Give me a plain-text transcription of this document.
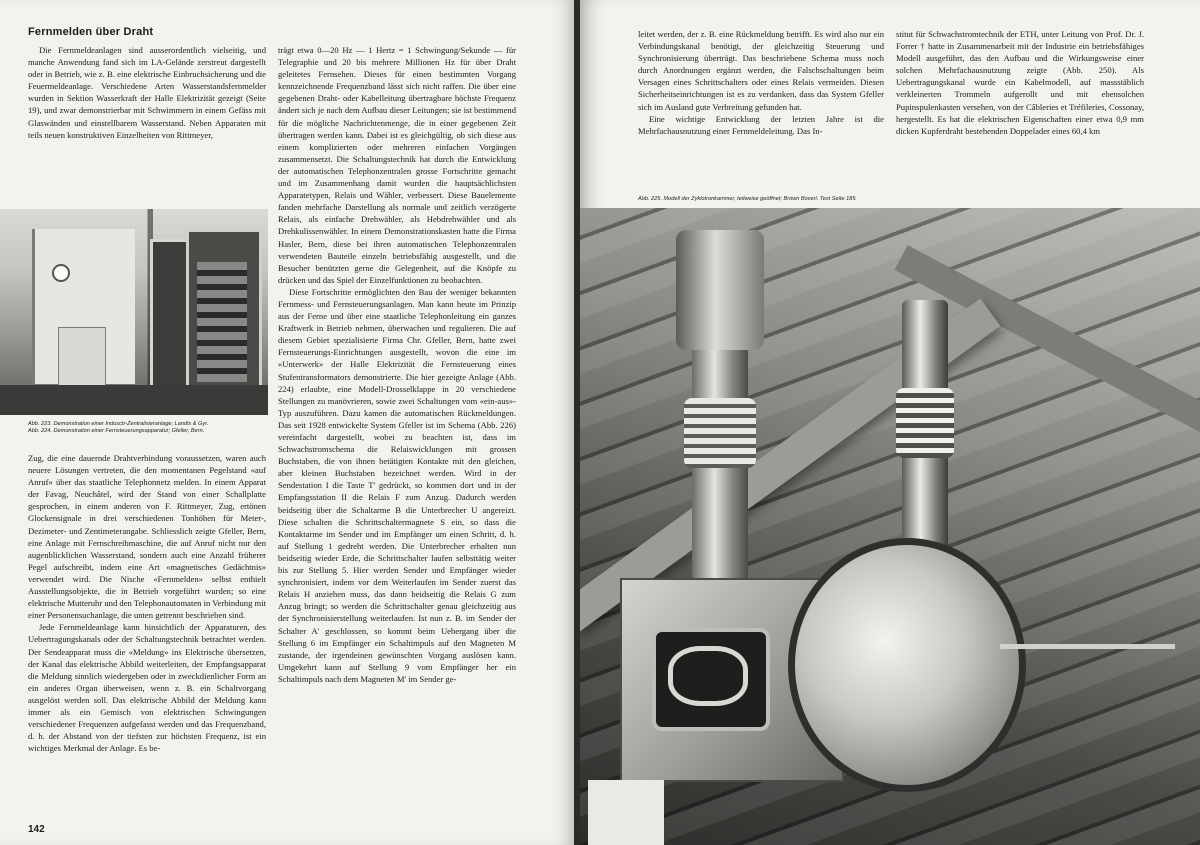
Fernmelden über Draht

Die Fernmeldeanlagen sind ausserordentlich vielseitig, und manche Anwendung fand sich im LA-Gelände zerstreut dargestellt oder in Betrieb, wie z. B. eine elektrische Einbruchsicherung und die Feuermeldeanlage. Verschiedene Arten Wasserstandsfernmelder wurden in Sektion Wasserkraft der Halle Elektrizität gezeigt (Seite 19), und zwar demonstrierbar mit Schwimmern in einem Gefäss mit Glaswänden und einstellbarem Wasserstand. Neben Apparaten mit teils neuen konstruktiven Einzelheiten von Rittmeyer,

Abb. 223. Demonstration einer Indusctr-Zentralisieranlage; Landis & Gyr.
Abb. 224. Demonstration einer Fernsteuerungsapparatur; Gfeller, Bern.

Zug, die eine dauernde Drahtverbindung voraussetzen, waren auch neuere Lösungen vertreten, die den momentanen Pegelstand «auf Anruf» über das staatliche Telephonnetz melden. In einem Apparat der Favag, Neuchâtel, wird der Stand von einer Schallplatte gesprochen, in einem anderen von F. Rittmeyer, Zug, ertönen Glockensignale in drei verschiedenen Tonhöhen für Meter-, Dezimeter- und Zentimeterangabe. Schliesslich zeigte Gfeller, Bern, eine Anlage mit Fernschreibmaschine, die auf Anruf nicht nur den augenblicklichen Wasserstand, sondern auch eine Anzahl früherer Pegel aufschreibt, indem eine Art «magnetisches Gedächtnis» verwendet wird. Die Nische «Fernmelden» selbst enthielt Ausstellungsobjekte, die in Betrieb vorgeführt wurden; so eine elektrische Mutteruhr und den Telephonautomaten in Verbindung mit einer Personensuchanlage, die unten getrennt beschrieben sind.

Jede Fernmeldeanlage kann hinsichtlich der Apparaturen, des Uebertragungskanals oder der Schaltungstechnik betrachtet werden. Der Sendeapparat muss die «Meldung» ins Elektrische übersetzen, der Kanal das elektrische Abbild weiterleiten, der Empfangsapparat die Meldung sinnlich wiedergeben oder in zweckdienlicher Form an ein anderes Organ überweisen, wenn z. B. ein Schaltvorgang ausgelöst werden soll. Das elektrische Abbild der Meldung kann immer als ein Gemisch von elektrischen Schwingungen verschiedener Frequenzen aufgefasst werden und das Frequenzband, d. h. der Abstand von der tiefsten zur höchsten Frequenz, ist ein wichtiges Merkmal der Anlage. Es be-

trägt etwa 0—20 Hz — 1 Hertz = 1 Schwingung/Sekunde — für Telegraphie und 20 bis mehrere Millionen Hz für über Draht geleitetes Fernsehen. Dieses für einen bestimmten Vorgang kennzeichnende Frequenzband lässt sich nicht raffen. Die über eine gegebenen Draht- oder Kabelleitung übertragbare höchste Frequenz ändert sich je nach dem Aufbau dieser Leitungen; sie ist bestimmend für die mögliche Nachrichtenmenge, die in einer gegebenen Zeit übertragen werden kann. Dabei ist es gleichgültig, ob sich diese aus einem komplizierten oder mehreren einfachen Vorgängen zusammensetzt. Die Schaltungstechnik hat durch die Entwicklung der automatischen Telephonzentralen grosse Fortschritte gemacht und im Zusammenhang damit wurden die hauptsächlichsten Apparatetypen, Relais und Wähler, verbessert. Diese Bauelemente fanden mehrfache Darstellung als normale und zeitlich verzögerte Relais, als einfache Drehwähler, als Hebdrehwähler und als Drehkulissenwähler. In einem Demonstrationskasten hatte die Firma Hasler, Bern, diese bei ihren automatischen Telephonzentralen verwendeten Bauteile einzeln betriebsfähig ausgestellt, und die Besucher benützten gerne die Gelegenheit, auf die Knöpfe zu drücken und das Spiel der Einzelfunktionen zu beobachten.

Diese Fortschritte ermöglichten den Bau der weniger bekannten Fernmess- und Fernsteuerungsanlagen. Man kann heute im Prinzip aus der Ferne und über eine staatliche Telephonleitung ein ganzes Kraftwerk in Betrieb nehmen, überwachen und regulieren. Die auf diesem Gebiet spezialisierte Firma Chr. Gfeller, Bern, hatte zwei Fernsteuerungs-Einrichtungen ausgestellt, wovon die eine im «Unterwerk» der Halle Elektrizität die Fernsteuerung eines Stufentransformators demonstrierte. Die hier gezeigte Anlage (Abb. 224) erlaubte, eine Modell-Drosselklappe in 20 verschiedene Stellungen zu manövrieren, sowie zwei Schaltungen vom «ein-aus»-Typ auszuführen. Dazu kamen die automatischen Rückmeldungen. Das seit 1928 entwickelte System Gfeller ist im Schema (Abb. 226) vereinfacht dargestellt, wobei zu beachten ist, dass im Schwachstromschema die Relaiswicklungen mit grossen Buchstaben, die von ihnen betätigten Kontakte mit den gleichen, aber kleinen Buchstaben bezeichnet werden. Wird in der Sendestation I die Taste T' gedrückt, so kommen dort und in der Empfangsstation II die Relais F zum Anzug. Dadurch werden beidseitig über die Schaltarme B die Unterbrecher U angereizt. Diese schalten die Schrittschaltermagnete S ein, so dass die Kontaktarme im Sender und im Empfänger um einen Schritt, d. h. auf Stellung 1 gedreht werden. Die Unterbrecher erhalten nun beidseitig wieder Erde, die Schrittschalter laufen selbsttätig weiter bis zur Stellung 5. Hier werden Sender und Empfänger wieder synchronisiert, indem vor dem Weiterlaufen im Sender zuerst das Relais H anziehen muss, das dann beidseitig die Relais G zum Anzug bringt; so werden die Schrittschalter genau gleichzeitig aus der Synchronisierstellung weiterlaufen. Ist nun z. B. im Sender der Schalter A' geschlossen, so kommt beim Uebergang über die Stellung 6 im Empfänger ein Schaltimpuls auf den Magneten M zustande, der irgendeinen gewünschten Vorgang auslösen kann. Umgekehrt kann auf Stellung 9 vom Empfänger her ein Schaltimpuls nach dem Magneten M' im Sender ge-

142

leitet werden, der z. B. eine Rückmeldung betrifft. Es wird also nur ein Verbindungskanal benötigt, der gleichzeitig Steuerung und Synchronisierung überträgt. Das beschriebene Schema muss noch durch Anordnungen ergänzt werden, die Falschschaltungen beim Versagen eines Schrittschalters oder eines Relais vermeiden. Diesen Sicherheitseinrichtungen ist es zu verdanken, dass das System Gfeller sich im Ausland gute Verbreitung gefunden hat.

Eine wichtige Entwicklung der letzten Jahre ist die Mehrfachausnutzung einer Fernmeldeleitung. Das In-

stitut für Schwachstromtechnik der ETH, unter Leitung von Prof. Dr. J. Forrer † hatte in Zusammenarbeit mit der Industrie ein betriebsfähiges Modell ausgeführt, das den Aufbau und die Wirkungsweise einer solchen Mehrfachausnutzung zeigte (Abb. 250). Als Uebertragungskanal wurde ein Kabelmodell, auf massstäblich verkleinerten Trommeln aufgerollt und mit ebensolchen Pupinspulenkasten versehen, von der Câbleries et Tréfileries, Cossonay, hergestellt. Es hat die elektrischen Eigenschaften einer etwa 0,9 mm dicken Kupferdraht bestehenden Doppelader eines 60,4 km

Abb. 225. Modell der Zyklotronkammer, teilweise geöffnet; Brown Boveri. Text Seite 185.
